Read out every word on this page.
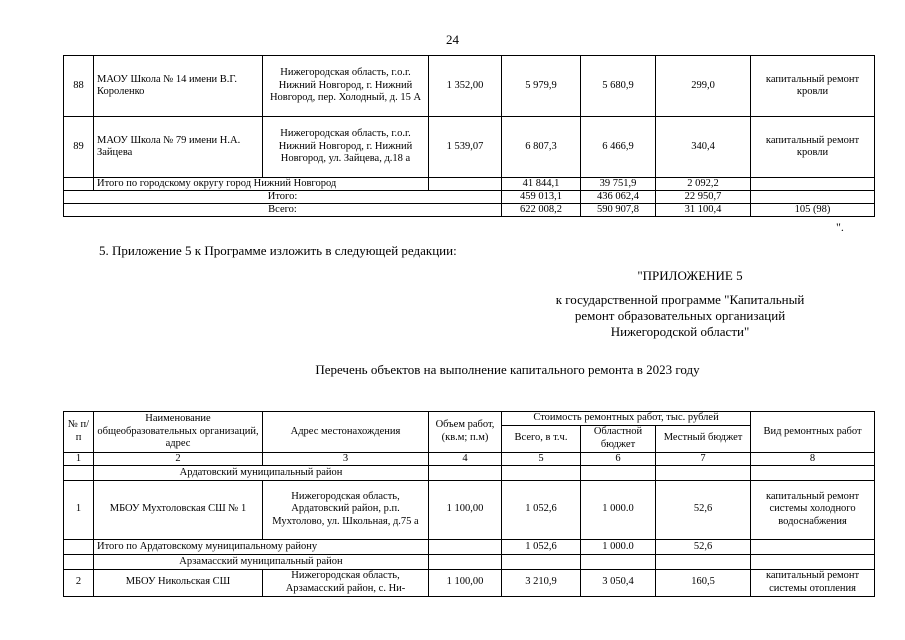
24
88	МАОУ Школа № 14 имени В.Г. Короленко	Нижегородская область, г.о.г. Нижний Новгород, г. Нижний Новгород, пер. Холодный, д. 15 А	1 352,00	5 979,9	5 680,9	299,0	капитальный ремонт кровли
89	МАОУ Школа № 79 имени Н.А. Зайцева	Нижегородская область, г.о.г. Нижний Новгород, г. Нижний Новгород, ул. Зайцева, д.18 а	1 539,07	6 807,3	6 466,9	340,4	капитальный ремонт кровли
	Итого по городскому округу город Нижний Новгород			41 844,1	39 751,9	2 092,2	
Итого:				459 013,1	436 062,4	22 950,7	
Всего:				622 008,2	590 907,8	31 100,4	105 (98)
".
5. Приложение 5 к Программе изложить в следующей редакции:
"ПРИЛОЖЕНИЕ 5
к государственной программе "Капитальный
ремонт образовательных организаций
Нижегородской области"
Перечень объектов на выполнение капитального ремонта в 2023 году
№ п/п	Наименование общеобразовательных организаций, адрес	Адрес местонахождения	Объем работ, (кв.м; п.м)	Стоимость ремонтных работ, тыс. рублей			Вид ремонтных работ
				Всего, в т.ч.	Областной бюджет	Местный бюджет	
1	2	3	4	5	6	7	8
	Ардатовский муниципальный район						
1	МБОУ Мухтоловская СШ № 1	Нижегородская область, Ардатовский район, р.п. Мухтолово, ул. Школьная, д.75 а	1 100,00	1 052,6	1 000.0	52,6	капитальный ремонт системы холодного водоснабжения
	Итого по Ардатовскому муниципальному району			1 052,6	1 000.0	52,6	
	Арзамасский муниципальный район						
2	МБОУ Никольская СШ	Нижегородская область, Арзамасский район, с. Ни-	1 100,00	3 210,9	3 050,4	160,5	капитальный ремонт системы отопления
